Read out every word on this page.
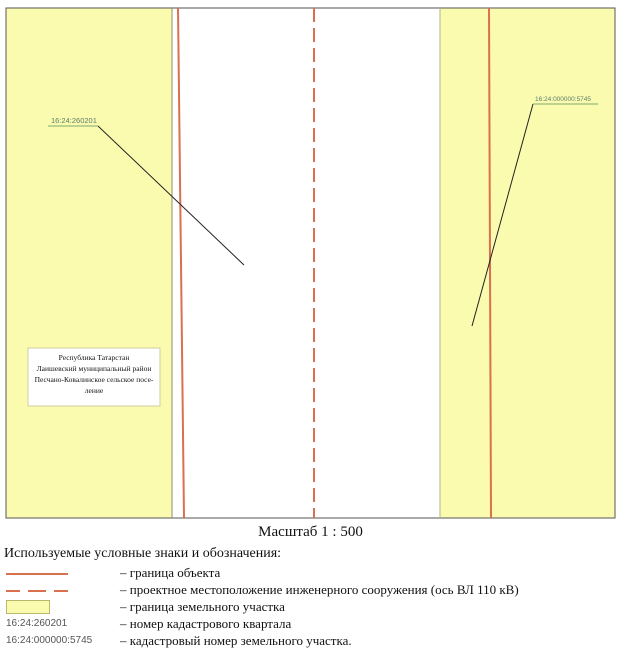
16:24:260201
16:24:000000:5745
Республика Татарстан
Лаишевский муниципальный район
Песчано-Ковалинское сельское посе-
ление
Масштаб 1 : 500
Используемые условные знаки и обозначения:
– граница объекта
– проектное местоположение инженерного сооружения (ось ВЛ 110 кВ)
– граница земельного участка
16:24:260201	– номер кадастрового квартала
16:24:000000:5745 – кадастровый номер земельного участка.
